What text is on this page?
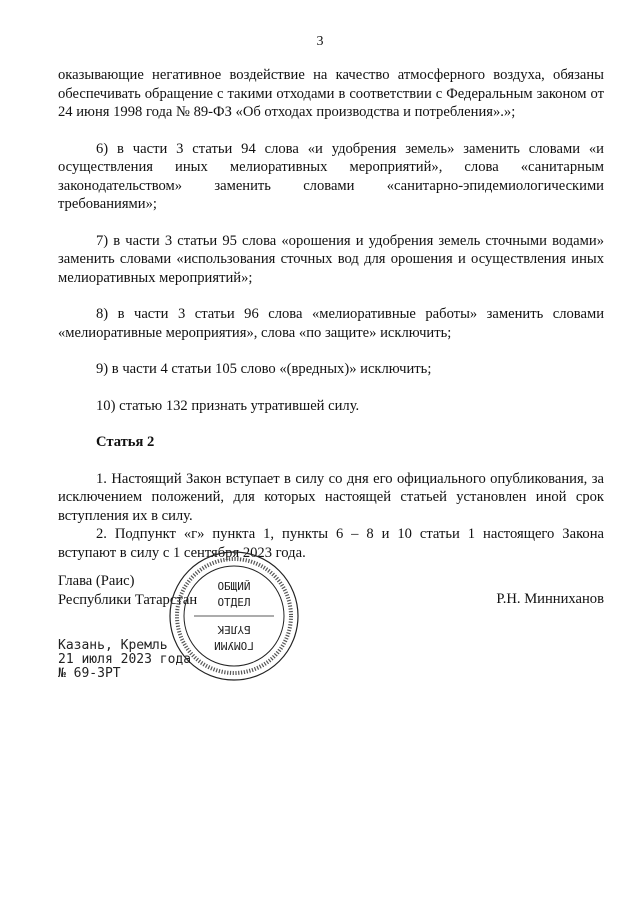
3

оказывающие негативное воздействие на качество атмосферного воздуха, обязаны обеспечивать обращение с такими отходами в соответствии с Федеральным законом от 24 июня 1998 года № 89-ФЗ «Об отходах производства и потребления».»;

6) в части 3 статьи 94 слова «и удобрения земель» заменить словами «и осуществления иных мелиоративных мероприятий», слова «санитарным законодательством» заменить словами «санитарно-эпидемиологическими требованиями»;

7) в части 3 статьи 95 слова «орошения и удобрения земель сточными водами» заменить словами «использования сточных вод для орошения и осуществления иных мелиоративных мероприятий»;

8) в части 3 статьи 96 слова «мелиоративные работы» заменить словами «мелиоративные мероприятия», слова «по защите» исключить;

9) в части 4 статьи 105 слово «(вредных)» исключить;

10) статью 132 признать утратившей силу.

Статья 2

1. Настоящий Закон вступает в силу со дня его официального опубликования, за исключением положений, для которых настоящей статьей установлен иной срок вступления их в силу.

2. Подпункт «г» пункта 1, пункты 6 – 8 и 10 статьи 1 настоящего Закона вступают в силу с 1 сентября 2023 года.

Глава (Раис)
Республики Татарстан	Р.Н. Минниханов
ОБЩИЙ
ОТДЕЛ
БҮЛЕК
ГОМУМИ
Казань, Кремль
21 июля 2023 года
№ 69-ЗРТ
